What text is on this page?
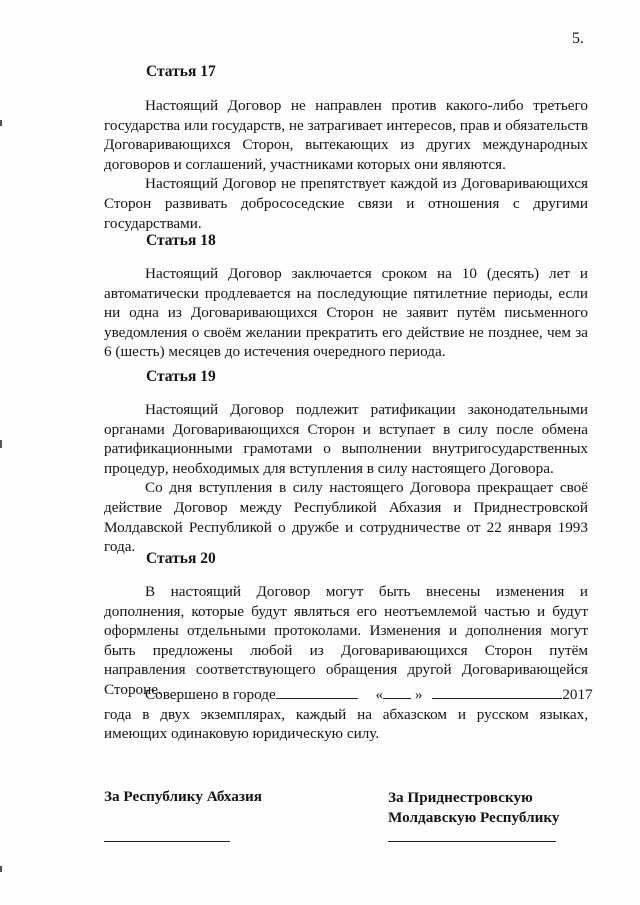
5.
Статья 17

Настоящий Договор не направлен против какого-либо третьего государства или государств, не затрагивает интересов, прав и обязательств Договаривающихся Сторон, вытекающих из других международных договоров и соглашений, участниками которых они являются.

Настоящий Договор не препятствует каждой из Договаривающихся Сторон развивать добрососедские связи и отношения с другими государствами.

Статья 18

Настоящий Договор заключается сроком на 10 (десять) лет и автоматически продлевается на последующие пятилетние периоды, если ни одна из Договаривающихся Сторон не заявит путём письменного уведомления о своём желании прекратить его действие не позднее, чем за 6 (шесть) месяцев до истечения очередного периода.

Статья 19

Настоящий Договор подлежит ратификации законодательными органами Договаривающихся Сторон и вступает в силу после обмена ратификационными грамотами о выполнении внутригосударственных процедур, необходимых для вступления в силу настоящего Договора.

Со дня вступления в силу настоящего Договора прекращает своё действие Договор между Республикой Абхазия и Приднестровской Молдавской Республикой о дружбе и сотрудничестве от 22 января 1993 года.

Статья 20

В настоящий Договор могут быть внесены изменения и дополнения, которые будут являться его неотъемлемой частью и будут оформлены отдельными протоколами. Изменения и дополнения могут быть предложены любой из Договаривающихся Сторон путём направления соответствующего обращения другой Договаривающейся Стороне.

Совершено в городе	« »	2017

года в двух экземплярах, каждый на абхазском и русском языках, имеющих одинаковую юридическую силу.

За Республику Абхазия	За Приднестровскую
Молдавскую Республику
